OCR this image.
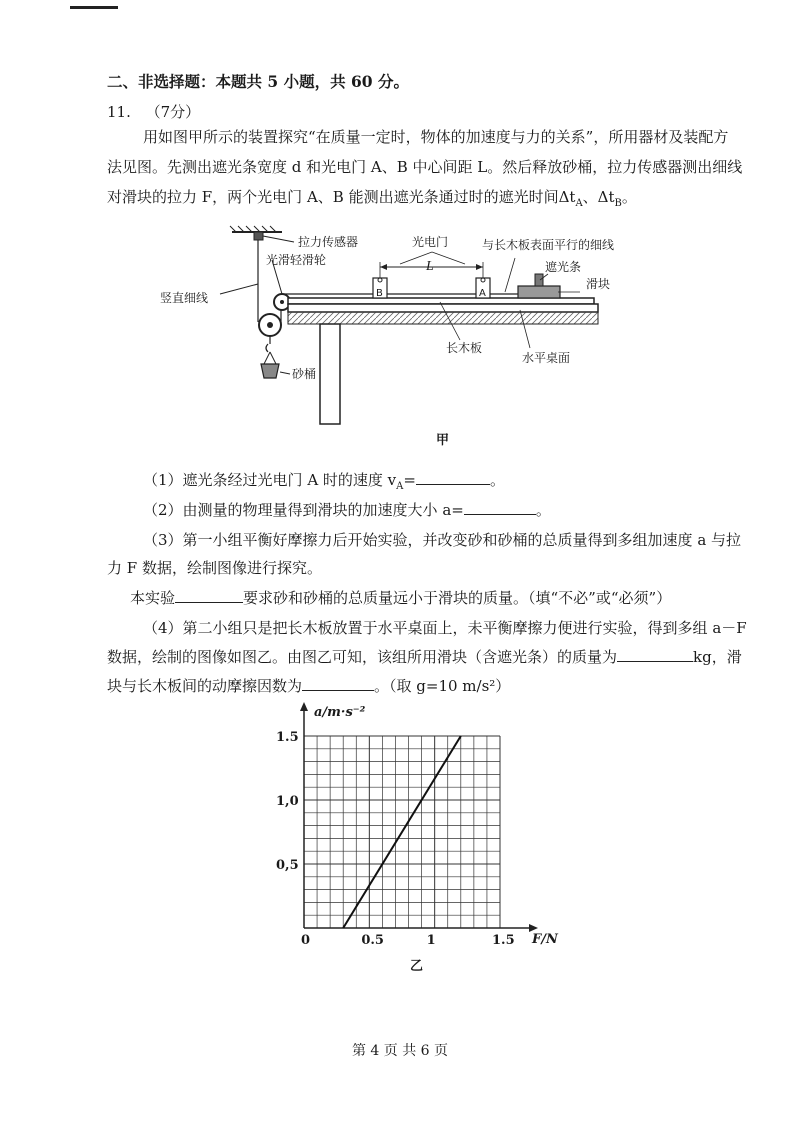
二、非选择题：本题共 5 小题，共 60 分。
11. （7分）
用如图甲所示的装置探究“在质量一定时，物体的加速度与力的关系”，所用器材及装配方
法见图。先测出遮光条宽度 d 和光电门 A、B 中心间距 L。然后释放砂桶，拉力传感器测出细线
对滑块的拉力 F，两个光电门 A、B 能测出遮光条通过时的遮光时间$\Delta t_A$、$\Delta t_B$。
拉力传感器
光滑轻滑轮
竖直细线
砂桶
光电门
L
与长木板表面平行的细线
遮光条
滑块
B	A
长木板
水平桌面
甲
（1）遮光条经过光电门 A 时的速度 $v_A=$	。
（2）由测量的物理量得到滑块的加速度大小 a=	。
（3）第一小组平衡好摩擦力后开始实验，并改变砂和砂桶的总质量得到多组加速度 a 与拉
力 F 数据，绘制图像进行探究。
本实验	要求砂和砂桶的总质量远小于滑块的质量。（填“不必”或“必须”）
（4）第二小组只是把长木板放置于水平桌面上，未平衡摩擦力便进行实验，得到多组 a－F
数据，绘制的图像如图乙。由图乙可知，该组所用滑块（含遮光条）的质量为	kg，滑
块与长木板间的动摩擦因数为	。（取 g=10 m/s²）
0	0.5	1	1.5
0,5
1,0
1.5
a/m·s⁻²
F/N
乙
第 4 页 共 6 页
